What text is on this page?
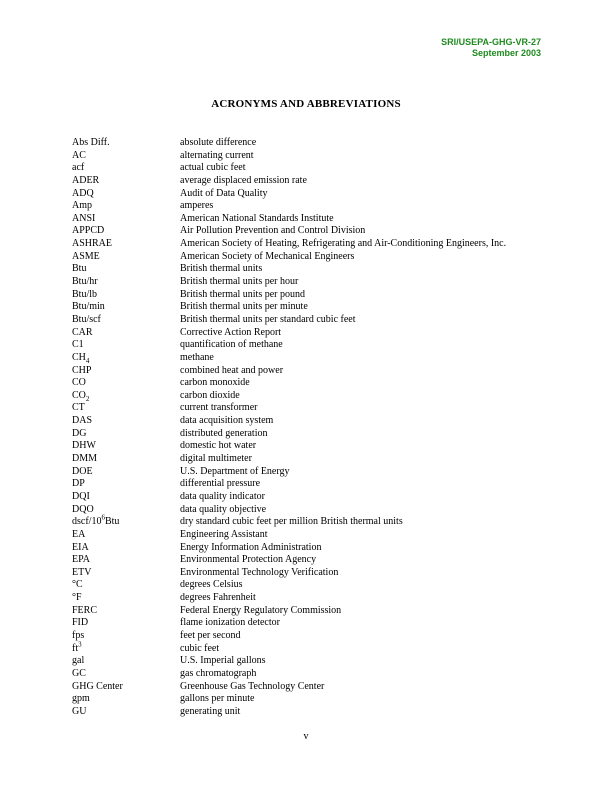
SRI/USEPA-GHG-VR-27
September 2003
ACRONYMS AND ABBREVIATIONS
Abs Diff.	absolute difference
AC	alternating current
acf	actual cubic feet
ADER	average displaced emission rate
ADQ	Audit of Data Quality
Amp	amperes
ANSI	American National Standards Institute
APPCD	Air Pollution Prevention and Control Division
ASHRAE	American Society of Heating, Refrigerating and Air-Conditioning Engineers, Inc.
ASME	American Society of Mechanical Engineers
Btu	British thermal units
Btu/hr	British thermal units per hour
Btu/lb	British thermal units per pound
Btu/min	British thermal units per minute
Btu/scf	British thermal units per standard cubic feet
CAR	Corrective Action Report
C1	quantification of methane
$CH_4$	methane
CHP	combined heat and power
CO	carbon monoxide
$CO_2$	carbon dioxide
CT	current transformer
DAS	data acquisition system
DG	distributed generation
DHW	domestic hot water
DMM	digital multimeter
DOE	U.S. Department of Energy
DP	differential pressure
DQI	data quality indicator
DQO	data quality objective
dscf/$10^6Btu$	dry standard cubic feet per million British thermal units
EA	Engineering Assistant
EIA	Energy Information Administration
EPA	Environmental Protection Agency
ETV	Environmental Technology Verification
°C	degrees Celsius
°F	degrees Fahrenheit
FERC	Federal Energy Regulatory Commission
FID	flame ionization detector
fps	feet per second
$ft^3$	cubic feet
gal	U.S. Imperial gallons
GC	gas chromatograph
GHG Center	Greenhouse Gas Technology Center
gpm	gallons per minute
GU	generating unit
v
